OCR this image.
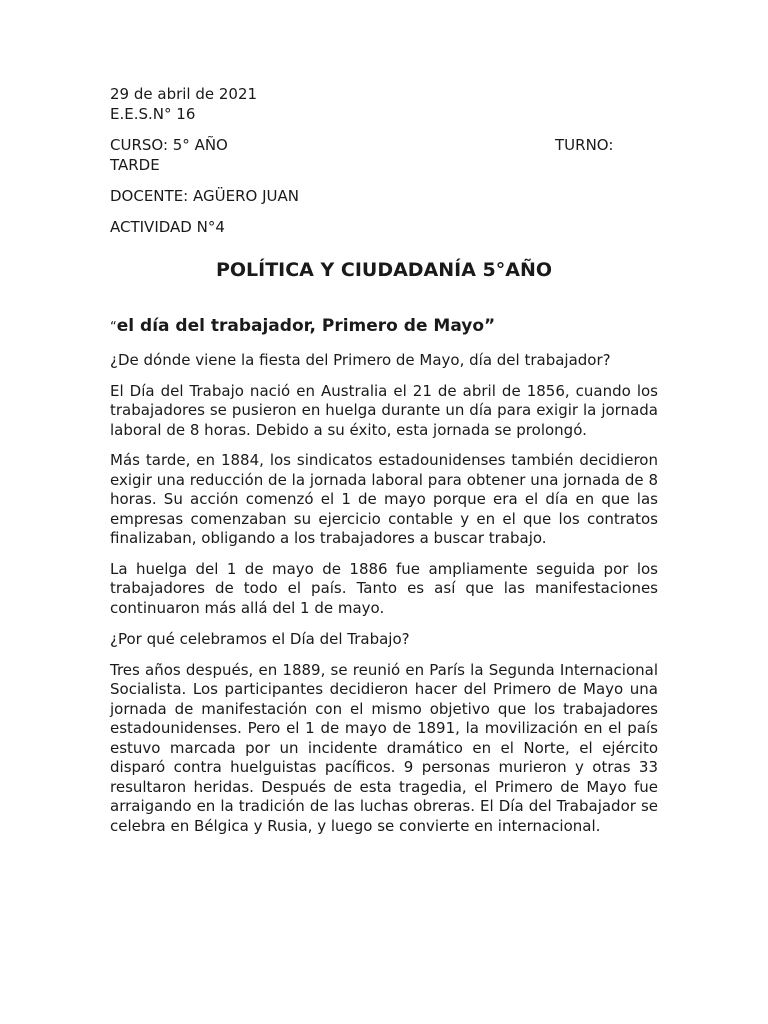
29 de abril de 2021

E.E.S.N° 16

CURSO: 5° AÑO	TURNO:

TARDE

DOCENTE: AGÜERO JUAN

ACTIVIDAD N°4

POLÍTICA Y CIUDADANÍA 5°AÑO
“el día del trabajador, Primero de Mayo”

¿De dónde viene la fiesta del Primero de Mayo, día del trabajador?

El Día del Trabajo nació en Australia el 21 de abril de 1856, cuando los trabajadores se pusieron en huelga durante un día para exigir la jornada laboral de 8 horas. Debido a su éxito, esta jornada se prolongó.

Más tarde, en 1884, los sindicatos estadounidenses también decidieron exigir una reducción de la jornada laboral para obtener una jornada de 8 horas. Su acción comenzó el 1 de mayo porque era el día en que las empresas comenzaban su ejercicio contable y en el que los contratos finalizaban, obligando a los trabajadores a buscar trabajo.

La huelga del 1 de mayo de 1886 fue ampliamente seguida por los trabajadores de todo el país. Tanto es así que las manifestaciones continuaron más allá del 1 de mayo.

¿Por qué celebramos el Día del Trabajo?

Tres años después, en 1889, se reunió en París la Segunda Internacional Socialista. Los participantes decidieron hacer del Primero de Mayo una jornada de manifestación con el mismo objetivo que los trabajadores estadounidenses. Pero el 1 de mayo de 1891, la movilización en el país estuvo marcada por un incidente dramático en el Norte, el ejército disparó contra huelguistas pacíficos. 9 personas murieron y otras 33 resultaron heridas. Después de esta tragedia, el Primero de Mayo fue arraigando en la tradición de las luchas obreras. El Día del Trabajador se celebra en Bélgica y Rusia, y luego se convierte en internacional.
